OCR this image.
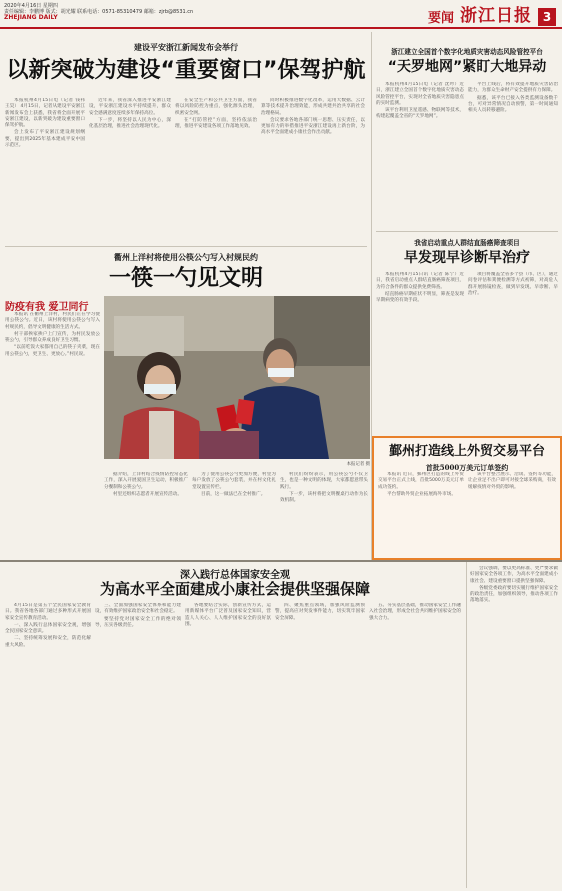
2020年4月16日 星期四
责任编辑：李鹏博 版式：胡光耀 联系电话：0571-85310479 邮箱：zjrb@8531.cn
ZHEJIANG DAILY	要闻 浙江日报 3
建设平安浙江新闻发布会举行
以新突破为建设“重要窗口”保驾护航

本报杭州4月15日电（记者 钱祎 王昊） 4月15日，记者从建设平安浙江新闻发布会上获悉，我省将全面开展平安浙江建设，以新突破为建设重要窗口保驾护航。

会上发布了平安浙江建设规划纲要，提出到2025年基本建成平安中国示范区。

近年来，我省深入推进平安浙江建设，平安浙江建设水平持续提升，群众安全感满意度连续多年保持高位。

下一步，将坚持以人民为中心，深化基层治理，推进社会治理现代化。

在安全生产和公共卫生方面，我省将以风险防控为重点，强化源头治理，织密安全网。

在“打防管控”方面，坚持依法治理，推进平安建设各项工作落地见效。

同时积极推进数字化改革，运用大数据、云计算等技术提升治理效能，形成共建共治共享的社会治理格局。

会议要求各地各部门统一思想、压实责任，以更加有力的举措推进平安浙江建设再上新台阶，为高水平全面建成小康社会作出贡献。

衢州上洋村将使用公筷公勺写入村规民约
一筷一勺见文明
防疫有我 爱卫同行

本报讯 在衢州上洋村，村民们正在学习使用公筷公勺。近日，该村将使用公筷公勺写入村规民约，倡导文明健康的生活方式。

村干部挨家挨户上门宣传，为村民发放公筷公勺，引导群众养成良好卫生习惯。

“以前吃饭大家都用自己的筷子夹菜，现在用公筷公勺，更卫生、更放心。”村民说。

本报记者 摄

据介绍，上洋村结合疫情防控常态化工作，深入开展爱国卫生运动，积极推广分餐制和公筷公勺。

村里还组织志愿者开展宣传活动。

为了使用公筷公勺更加方便，村里为每户发放了公筷公勺套装，并在村文化礼堂设置宣传栏。

目前，这一做法已在全村推广。

村民们纷纷表示，用公筷公勺不仅卫生，也是一种文明的体现，大家都愿意带头践行。

下一步，该村将把文明餐桌行动作为长效机制。

浙江建立全国首个数字化地质灾害动态风险管控平台
“天罗地网”紧盯大地异动

本报杭州4月15日电（记者 沈吟）近日，浙江建立全国首个数字化地质灾害动态风险管控平台，实现对全省地质灾害隐患点的实时监测。

该平台利用卫星遥感、物联网等技术，构建起覆盖全省的“天罗地网”。

平台上线后，将有效提升地质灾害防治能力，为群众生命财产安全提供有力保障。

据悉，该平台已接入各类监测设备数千台，可对异常情况自动预警，第一时间通知相关人员转移避险。

我省启动重点人群结直肠癌筛查项目
早发现早诊断早治疗

本报杭州4月15日讯（记者 陈宁）近日，我省启动重点人群结直肠癌筛查项目，为符合条件的群众提供免费筛查。

结直肠癌早期症状不明显，筛查是发现早期病变的有效手段。

项目将覆盖全省多个县（市、区），通过问卷评估和粪便检测等方式初筛，对高危人群开展肠镜检查，做到早发现、早诊断、早治疗。

鄞州打造线上外贸交易平台
首批5000万美元订单签约

本报讯 近日，鄞州区打造的线上外贸交易平台正式上线，首批5000万美元订单成功签约。

平台帮助外贸企业拓展海外市场。

该平台整合展示、洽谈、签约等功能，让企业足不出户即可对接全球采购商，有效缓解疫情对外贸的影响。

深入践行总体国家安全观
为高水平全面建成小康社会提供坚强保障

4月15日是第五个全民国家安全教育日。我省各地各部门通过多种形式开展国家安全宣传教育活动。

一、深入践行总体国家安全观，增强全民国家安全意识。

二、坚持统筹发展和安全，防范化解重大风险。

三、全面加强国家安全体系和能力建设，有效维护国家政治安全和社会稳定。

要坚持党对国家安全工作的绝对领导，压实各级责任。

各地要结合实际，创新宣传方式，运用新媒体平台广泛普及国家安全知识，营造人人关心、人人维护国家安全的良好氛围。

四、聚焦重点领域，加强风险监测预警，提高应对突发事件能力，切实筑牢国家安全屏障。

五、夯实基层基础，推动国家安全工作融入社会治理，形成全社会共同维护国家安全的强大合力。

会议强调，要以更高标准、更严要求做好国家安全各项工作，为高水平全面建成小康社会、建设重要窗口提供坚强保障。

各级党委政府要切实履行维护国家安全的政治责任，加强组织领导，推动各项工作落地落实。
